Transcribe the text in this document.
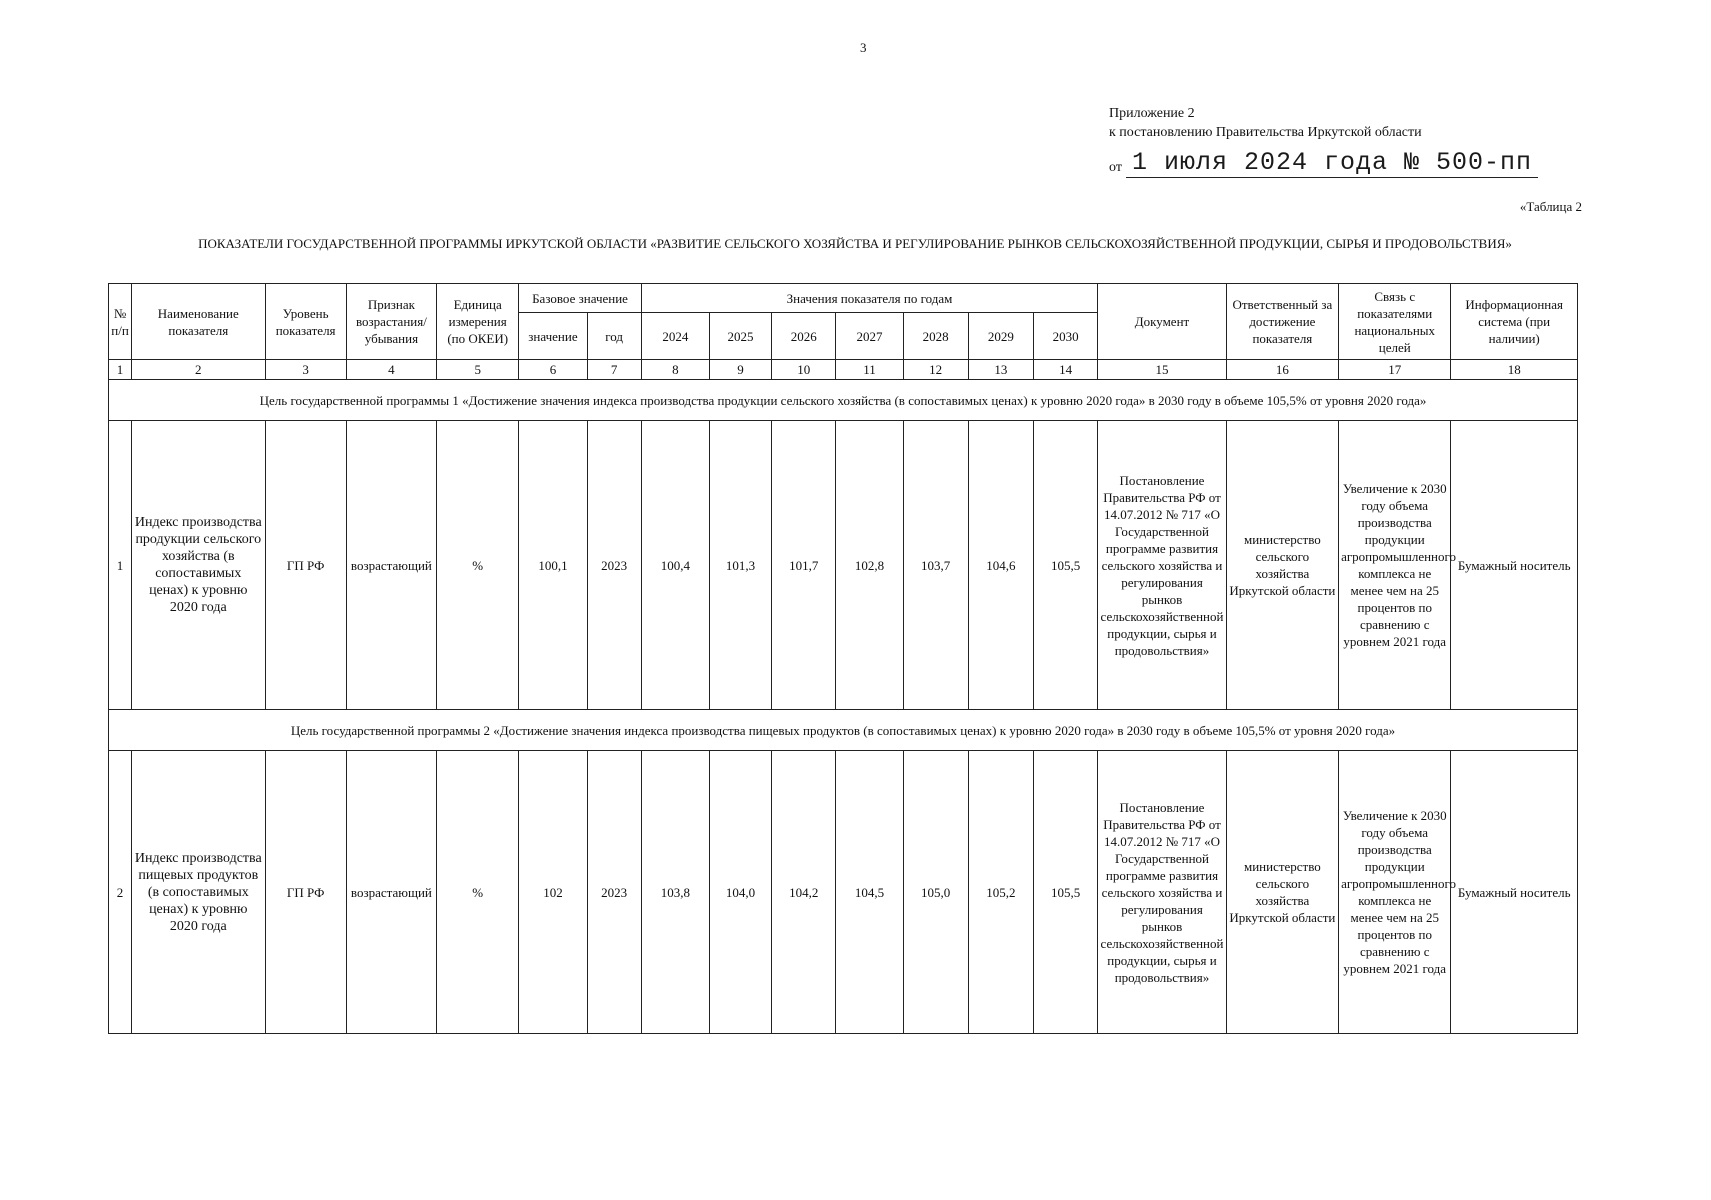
3
Приложение 2
к постановлению Правительства Иркутской области
от 1 июля 2024 года № 500-пп
«Таблица 2
ПОКАЗАТЕЛИ ГОСУДАРСТВЕННОЙ ПРОГРАММЫ ИРКУТСКОЙ ОБЛАСТИ «РАЗВИТИЕ СЕЛЬСКОГО ХОЗЯЙСТВА И РЕГУЛИРОВАНИЕ РЫНКОВ СЕЛЬСКОХОЗЯЙСТВЕННОЙ ПРОДУКЦИИ, СЫРЬЯ И ПРОДОВОЛЬСТВИЯ»
№ п/п	Наименование показателя	Уровень показателя	Признак возрастания/ убывания	Единица измерения (по ОКЕИ)	Базовое значение		Значения показателя по годам							Документ	Ответственный за достижение показателя	Связь с показателями национальных целей	Информационная система (при наличии)
					значение	год	2024	2025	2026	2027	2028	2029	2030				
1	2	3	4	5	6	7	8	9	10	11	12	13	14	15	16	17	18
Цель государственной программы 1 «Достижение значения индекса производства продукции сельского хозяйства (в сопоставимых ценах) к уровню 2020 года» в 2030 году в объеме 105,5% от уровня 2020 года»																	
1	Индекс производства продукции сельского хозяйства (в сопоставимых ценах) к уровню 2020 года	ГП РФ	возрастающий	%	100,1	2023	100,4	101,3	101,7	102,8	103,7	104,6	105,5	Постановление Правительства РФ от 14.07.2012 № 717 «О Государственной программе развития сельского хозяйства и регулирования рынков сельскохозяйственной продукции, сырья и продовольствия»	министерство сельского хозяйства Иркутской области	Увеличение к 2030 году объема производства продукции агропромышленного комплекса не менее чем на 25 процентов по сравнению с уровнем 2021 года	Бумажный носитель
Цель государственной программы 2 «Достижение значения индекса производства пищевых продуктов (в сопоставимых ценах) к уровню 2020 года» в 2030 году в объеме 105,5% от уровня 2020 года»																	
2	Индекс производства пищевых продуктов (в сопоставимых ценах) к уровню 2020 года	ГП РФ	возрастающий	%	102	2023	103,8	104,0	104,2	104,5	105,0	105,2	105,5	Постановление Правительства РФ от 14.07.2012 № 717 «О Государственной программе развития сельского хозяйства и регулирования рынков сельскохозяйственной продукции, сырья и продовольствия»	министерство сельского хозяйства Иркутской области	Увеличение к 2030 году объема производства продукции агропромышленного комплекса не менее чем на 25 процентов по сравнению с уровнем 2021 года	Бумажный носитель
